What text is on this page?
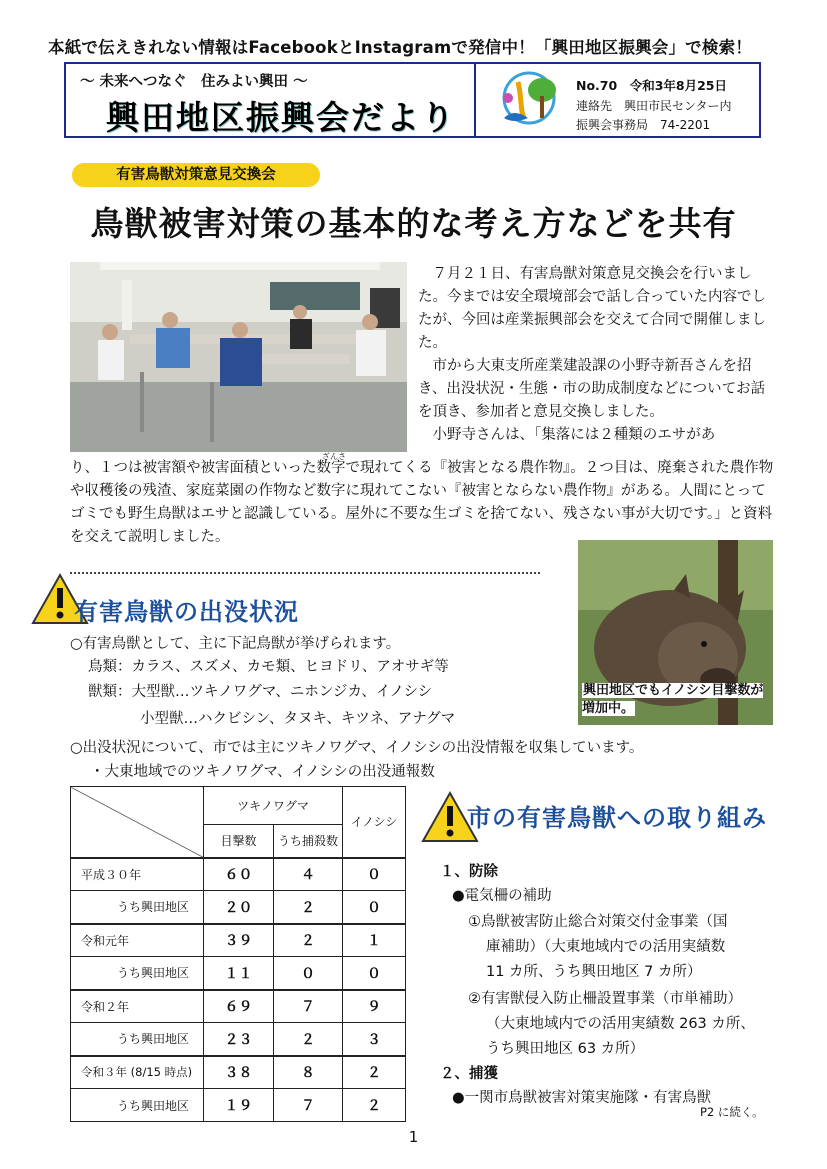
本紙で伝えきれない情報はFacebookとInstagramで発信中！「興田地区振興会」で検索！
～ 未来へつなぐ　住みよい興田 ～
興田地区振興会だより
No.70　令和3年8月25日
連絡先　興田市民センター内
振興会事務局　74-2201
有害鳥獣対策意見交換会
鳥獣被害対策の基本的な考え方などを共有
　７月２１日、有害鳥獣対策意見交換会を行いました。今までは安全環境部会で話し合っていた内容でしたが、今回は産業振興部会を交えて合同で開催しました。
　市から大東支所産業建設課の小野寺新吾さんを招き、出没状況・生態・市の助成制度などについてお話を頂き、参加者と意見交換しました。
　小野寺さんは、「集落には２種類のエサがあ
り、１つは被害額や被害面積といった数字で現れてくる『被害となる農作物』。２つ目は、廃棄された農作物や収穫後の残渣、家庭菜園の作物など数字に現れてこない『被害とならない農作物』がある。人間にとってゴミでも野生鳥獣はエサと認識している。屋外に不要な生ゴミを捨てない、残さない事が大切です。」と資料を交えて説明しました。
ざんさ
興田地区でもイノシシ目撃数が増加中。
有害鳥獣の出没状況
○有害鳥獣として、主に下記鳥獣が挙げられます。
鳥類：カラス、スズメ、カモ類、ヒヨドリ、アオサギ等
獣類：大型獣…ツキノワグマ、ニホンジカ、イノシシ
小型獣…ハクビシン、タヌキ、キツネ、アナグマ
○出没状況について、市では主にツキノワグマ、イノシシの出没情報を収集しています。
・大東地域でのツキノワグマ、イノシシの出没通報数
	ツキノワグマ		イノシシ
	目撃数	うち捕殺数	
平成３０年	６０	４	０
うち興田地区	２０	２	０
令和元年	３９	２	１
うち興田地区	１１	０	０
令和２年	６９	７	９
うち興田地区	２３	２	３
令和３年 (8/15 時点)	３８	８	２
うち興田地区	１９	７	２
市の有害鳥獣への取り組み
１、防除
●電気柵の補助
①鳥獣被害防止総合対策交付金事業（国
庫補助）（大東地域内での活用実績数
11 カ所、うち興田地区 7 カ所）
②有害獣侵入防止柵設置事業（市単補助）
（大東地域内での活用実績数 263 カ所、
うち興田地区 63 カ所）
２、捕獲
●一関市鳥獣被害対策実施隊・有害鳥獣
P2 に続く。
1
